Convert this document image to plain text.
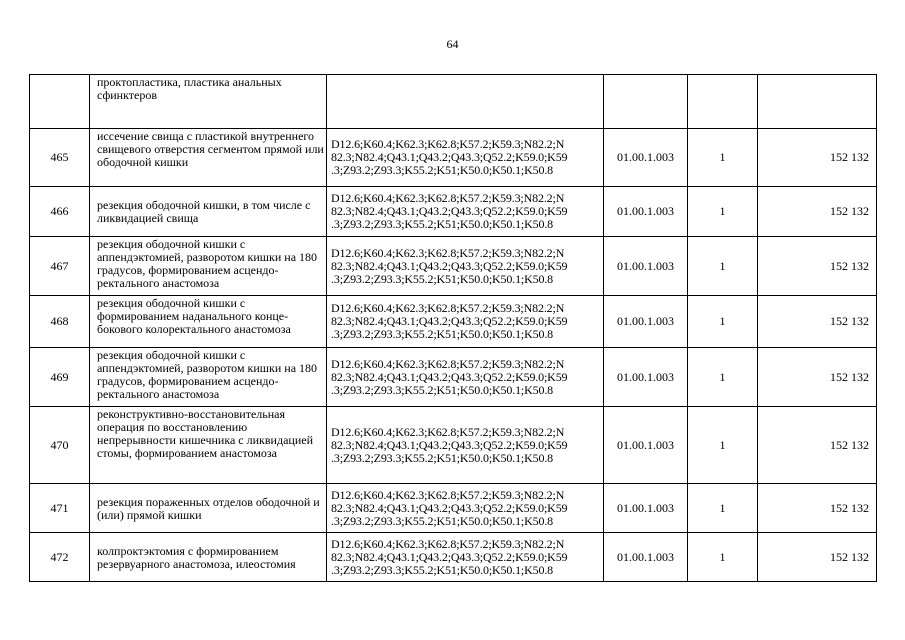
64

	проктопластика, пластика анальных сфинктеров				

465	иссечение свища с пластикой внутреннего свищевого отверстия сегментом прямой или ободочной кишки	D12.6;K60.4;K62.3;K62.8;K57.2;K59.3;N82.2;N
82.3;N82.4;Q43.1;Q43.2;Q43.3;Q52.2;K59.0;K59
.3;Z93.2;Z93.3;K55.2;K51;K50.0;K50.1;K50.8	01.00.1.003	1	152 132
466	резекция ободочной кишки, в том числе с ликвидацией свища	D12.6;K60.4;K62.3;K62.8;K57.2;K59.3;N82.2;N
82.3;N82.4;Q43.1;Q43.2;Q43.3;Q52.2;K59.0;K59
.3;Z93.2;Z93.3;K55.2;K51;K50.0;K50.1;K50.8	01.00.1.003	1	152 132
467	резекция ободочной кишки с аппендэктомией, разворотом кишки на 180 градусов, формированием асцендо-ректального анастомоза	D12.6;K60.4;K62.3;K62.8;K57.2;K59.3;N82.2;N
82.3;N82.4;Q43.1;Q43.2;Q43.3;Q52.2;K59.0;K59
.3;Z93.2;Z93.3;K55.2;K51;K50.0;K50.1;K50.8	01.00.1.003	1	152 132
468	резекция ободочной кишки с формированием наданального конце-бокового колоректального анастомоза	D12.6;K60.4;K62.3;K62.8;K57.2;K59.3;N82.2;N
82.3;N82.4;Q43.1;Q43.2;Q43.3;Q52.2;K59.0;K59
.3;Z93.2;Z93.3;K55.2;K51;K50.0;K50.1;K50.8	01.00.1.003	1	152 132
469	резекция ободочной кишки с аппендэктомией, разворотом кишки на 180 градусов, формированием асцендо-ректального анастомоза	D12.6;K60.4;K62.3;K62.8;K57.2;K59.3;N82.2;N
82.3;N82.4;Q43.1;Q43.2;Q43.3;Q52.2;K59.0;K59
.3;Z93.2;Z93.3;K55.2;K51;K50.0;K50.1;K50.8	01.00.1.003	1	152 132
470	реконструктивно-восстановительная операция по восстановлению непрерывности кишечника с ликвидацией стомы, формированием анастомоза	D12.6;K60.4;K62.3;K62.8;K57.2;K59.3;N82.2;N
82.3;N82.4;Q43.1;Q43.2;Q43.3;Q52.2;K59.0;K59
.3;Z93.2;Z93.3;K55.2;K51;K50.0;K50.1;K50.8	01.00.1.003	1	152 132
471	резекция пораженных отделов ободочной и (или) прямой кишки	D12.6;K60.4;K62.3;K62.8;K57.2;K59.3;N82.2;N
82.3;N82.4;Q43.1;Q43.2;Q43.3;Q52.2;K59.0;K59
.3;Z93.2;Z93.3;K55.2;K51;K50.0;K50.1;K50.8	01.00.1.003	1	152 132
472	колпроктэктомия с формированием резервуарного анастомоза, илеостомия	D12.6;K60.4;K62.3;K62.8;K57.2;K59.3;N82.2;N
82.3;N82.4;Q43.1;Q43.2;Q43.3;Q52.2;K59.0;K59
.3;Z93.2;Z93.3;K55.2;K51;K50.0;K50.1;K50.8	01.00.1.003	1	152 132
